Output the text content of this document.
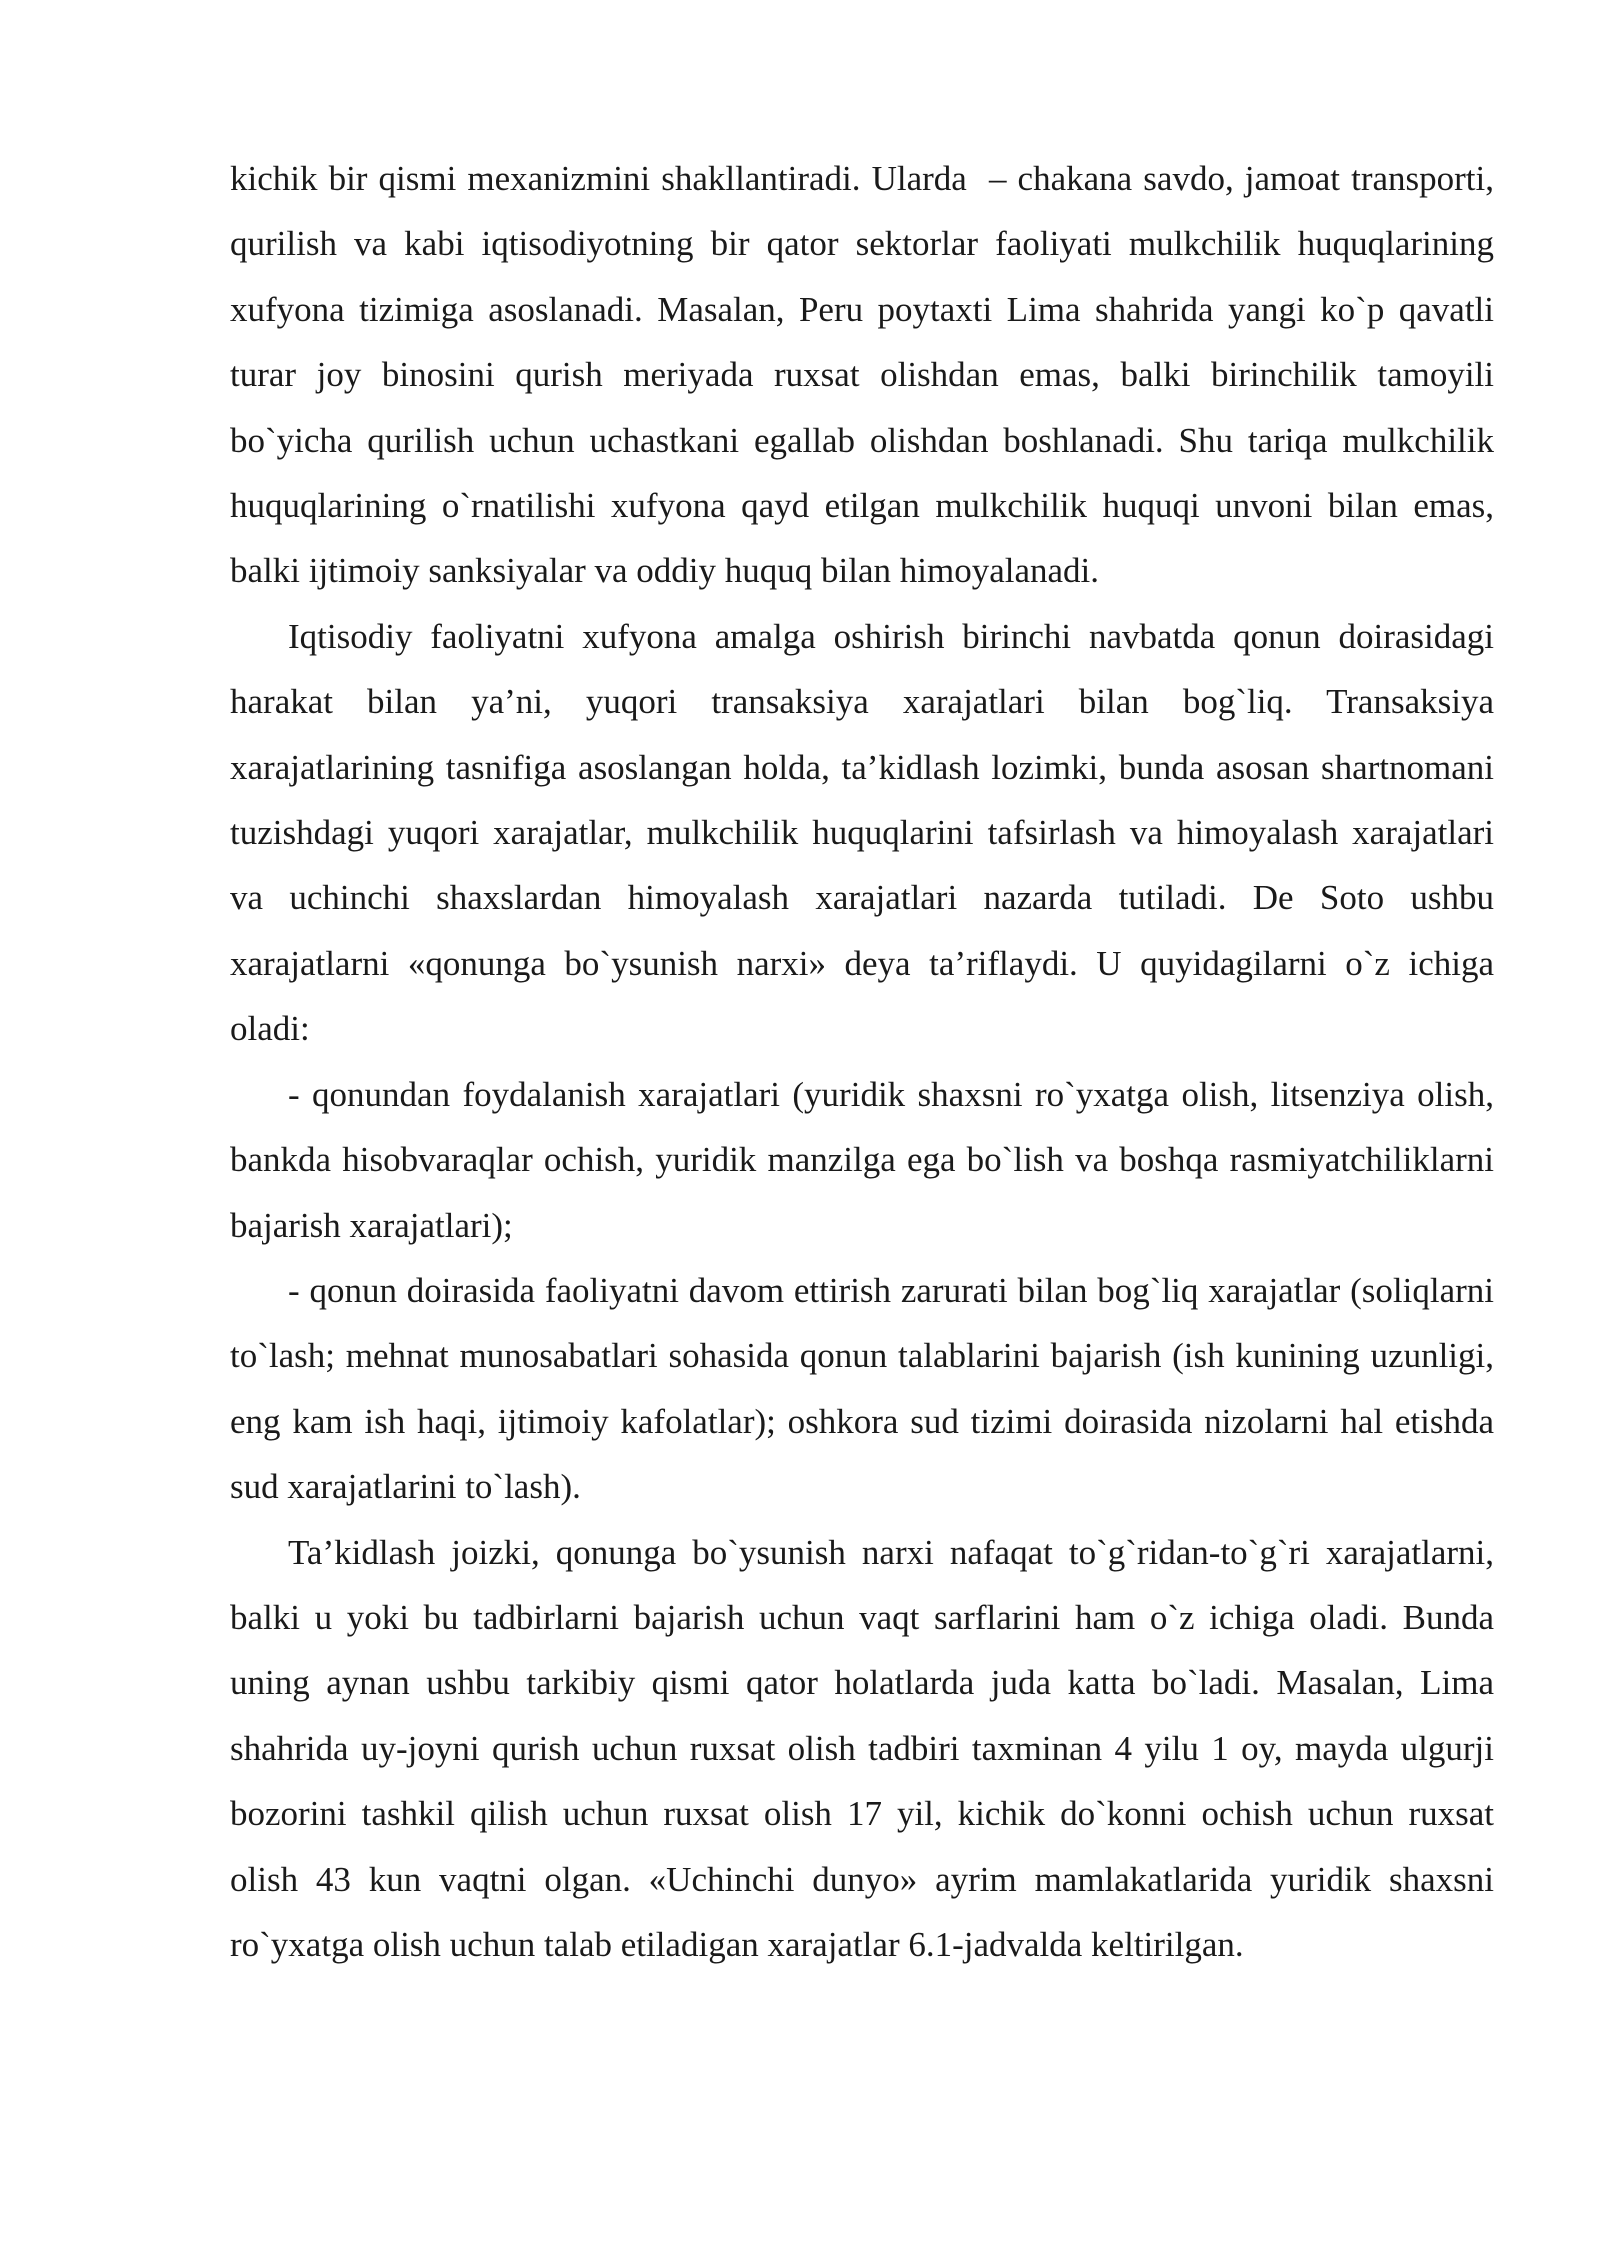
kichik bir qismi mexanizmini shakllantiradi. Ularda  – chakana savdo, jamoat transporti, qurilish va kabi iqtisodiyotning bir qator sektorlar faoliyati mulkchilik huquqlarining xufyona tizimiga asoslanadi. Masalan, Peru poytaxti Lima shahrida yangi ko`p qavatli turar joy binosini qurish meriyada ruxsat olishdan emas, balki birinchilik tamoyili bo`yicha qurilish uchun uchastkani egallab olishdan boshlanadi. Shu tariqa mulkchilik huquqlarining o`rnatilishi xufyona qayd etilgan mulkchilik huquqi unvoni bilan emas, balki ijtimoiy sanksiyalar va oddiy huquq bilan himoyalanadi.

Iqtisodiy faoliyatni xufyona amalga oshirish birinchi navbatda qonun doirasidagi harakat bilan ya’ni, yuqori transaksiya xarajatlari bilan bog`liq. Transaksiya xarajatlarining tasnifiga asoslangan holda, ta’kidlash lozimki, bunda asosan shartnomani tuzishdagi yuqori xarajatlar, mulkchilik huquqlarini tafsirlash va himoyalash xarajatlari va uchinchi shaxslardan himoyalash xarajatlari nazarda tutiladi. De Soto ushbu xarajatlarni «qonunga bo`ysunish narxi» deya ta’riflaydi. U quyidagilarni o`z ichiga oladi:

- qonundan foydalanish xarajatlari (yuridik shaxsni ro`yxatga olish, litsenziya olish, bankda hisobvaraqlar ochish, yuridik manzilga ega bo`lish va boshqa rasmiyatchiliklarni bajarish xarajatlari);

- qonun doirasida faoliyatni davom ettirish zarurati bilan bog`liq xarajatlar (soliqlarni to`lash; mehnat munosabatlari sohasida qonun talablarini bajarish (ish kunining uzunligi, eng kam ish haqi, ijtimoiy kafolatlar); oshkora sud tizimi doirasida nizolarni hal etishda sud xarajatlarini to`lash).

Ta’kidlash joizki, qonunga bo`ysunish narxi nafaqat to`g`ridan-to`g`ri xarajatlarni, balki u yoki bu tadbirlarni bajarish uchun vaqt sarflarini ham o`z ichiga oladi. Bunda uning aynan ushbu tarkibiy qismi qator holatlarda juda katta bo`ladi. Masalan, Lima shahrida uy-joyni qurish uchun ruxsat olish tadbiri taxminan 4 yilu 1 oy, mayda ulgurji bozorini tashkil qilish uchun ruxsat olish 17 yil, kichik do`konni ochish uchun ruxsat olish 43 kun vaqtni olgan. «Uchinchi dunyo» ayrim mamlakatlarida yuridik shaxsni ro`yxatga olish uchun talab etiladigan xarajatlar 6.1-jadvalda keltirilgan.
